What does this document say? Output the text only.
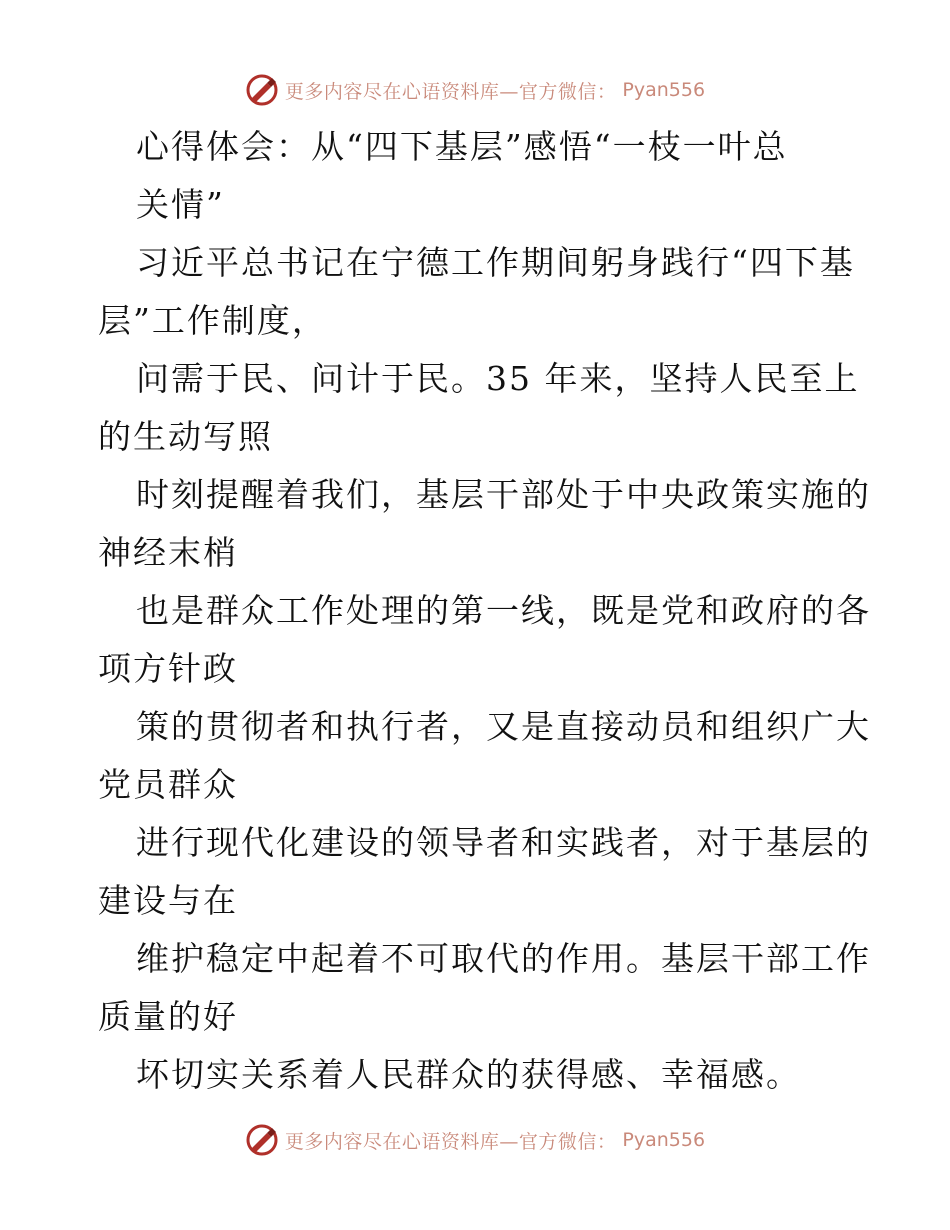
更多内容尽在心语资料库—官方微信： Pyan556
心得体会：从“四下基层”感悟“一枝一叶总
关情”
习近平总书记在宁德工作期间躬身践行“四下基
层”工作制度，
问需于民、问计于民。35 年来，坚持人民至上
的生动写照
时刻提醒着我们，基层干部处于中央政策实施的
神经末梢
也是群众工作处理的第一线，既是党和政府的各
项方针政
策的贯彻者和执行者，又是直接动员和组织广大
党员群众
进行现代化建设的领导者和实践者，对于基层的
建设与在
维护稳定中起着不可取代的作用。基层干部工作
质量的好
坏切实关系着人民群众的获得感、幸福感。
更多内容尽在心语资料库—官方微信： Pyan556
